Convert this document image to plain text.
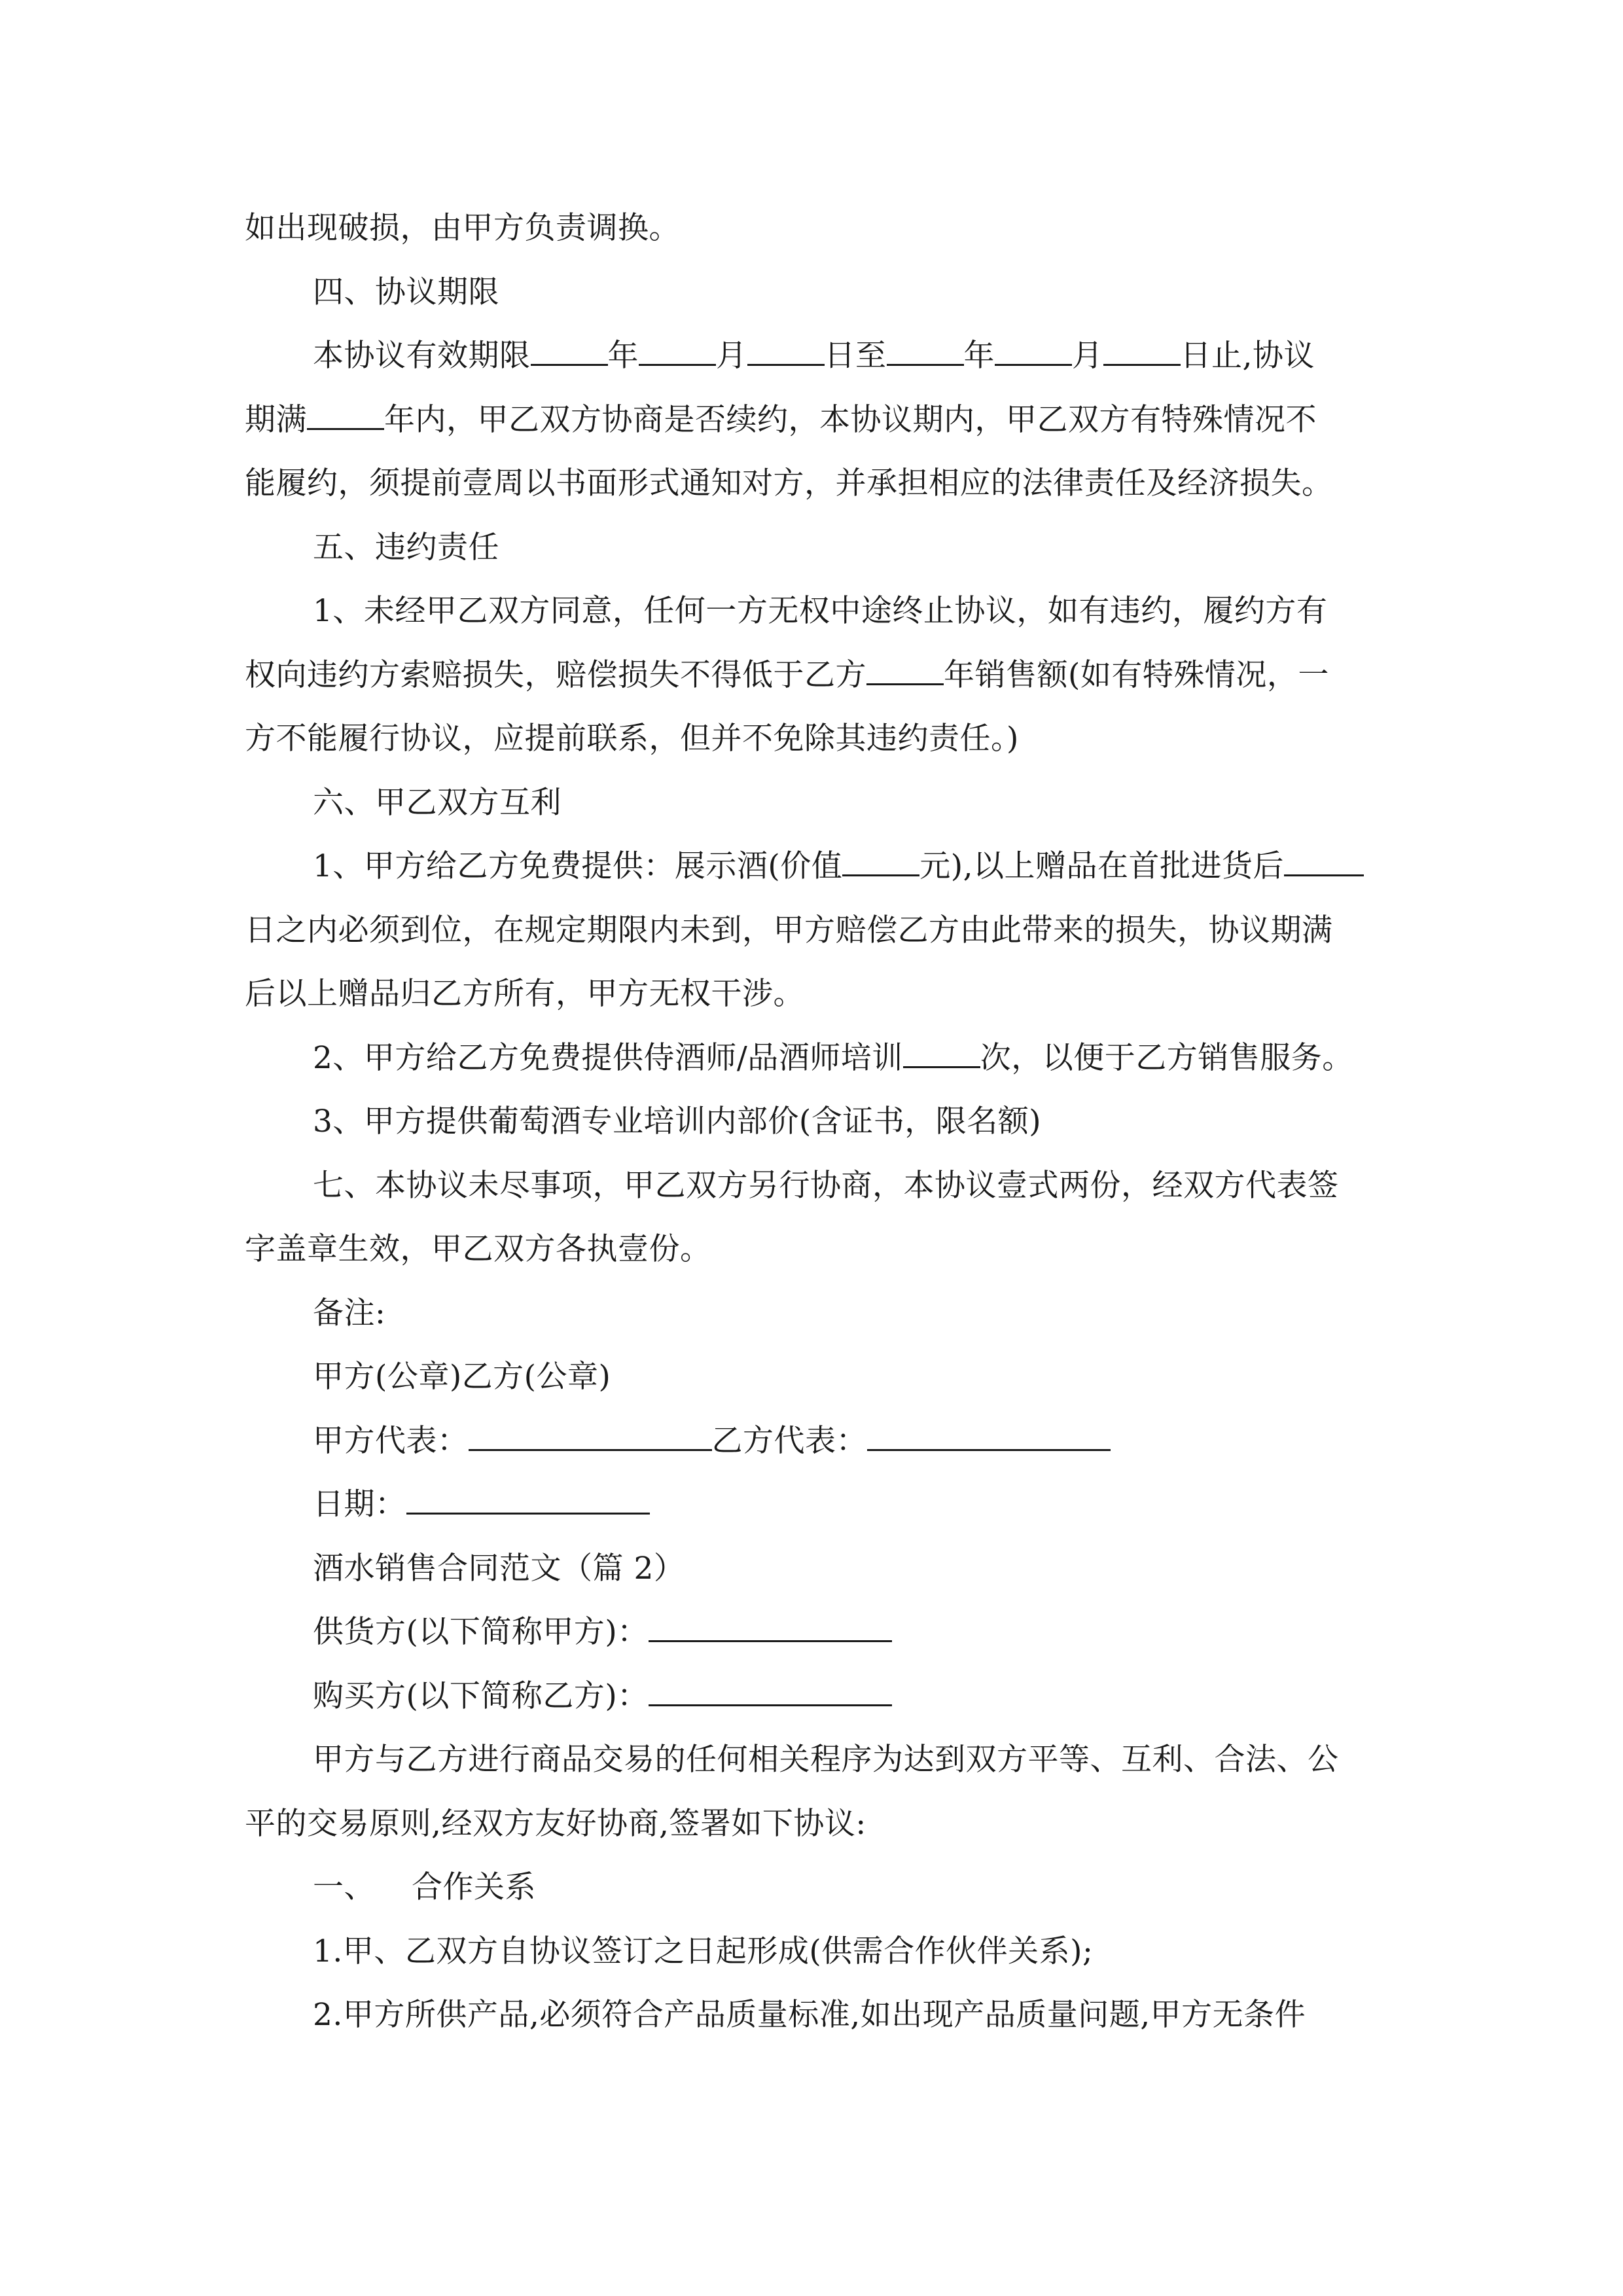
如出现破损，由甲方负责调换。
四、协议期限
本协议有效期限	年	月	日至	年	月	日止,协议
期满	年内，甲乙双方协商是否续约，本协议期内，甲乙双方有特殊情况不
能履约，须提前壹周以书面形式通知对方，并承担相应的法律责任及经济损失。
五、违约责任
1、未经甲乙双方同意，任何一方无权中途终止协议，如有违约，履约方有
权向违约方索赔损失，赔偿损失不得低于乙方	年销售额(如有特殊情况，一
方不能履行协议，应提前联系，但并不免除其违约责任。)
六、甲乙双方互利
1、甲方给乙方免费提供：展示酒(价值	元),以上赠品在首批进货后
日之内必须到位，在规定期限内未到，甲方赔偿乙方由此带来的损失，协议期满
后以上赠品归乙方所有，甲方无权干涉。
2、甲方给乙方免费提供侍酒师/品酒师培训	次，以便于乙方销售服务。
3、甲方提供葡萄酒专业培训内部价(含证书，限名额)
七、本协议未尽事项，甲乙双方另行协商，本协议壹式两份，经双方代表签
字盖章生效，甲乙双方各执壹份。
备注:
甲方(公章)乙方(公章)
甲方代表：	乙方代表：
日期：
酒水销售合同范文（篇 2）
供货方(以下简称甲方)：
购买方(以下简称乙方)：
甲方与乙方进行商品交易的任何相关程序为达到双方平等、互利、合法、公
平的交易原则,经双方友好协商,签署如下协议:
一、 合作关系
1.甲、乙双方自协议签订之日起形成(供需合作伙伴关系);
2.甲方所供产品,必须符合产品质量标准,如出现产品质量问题,甲方无条件
